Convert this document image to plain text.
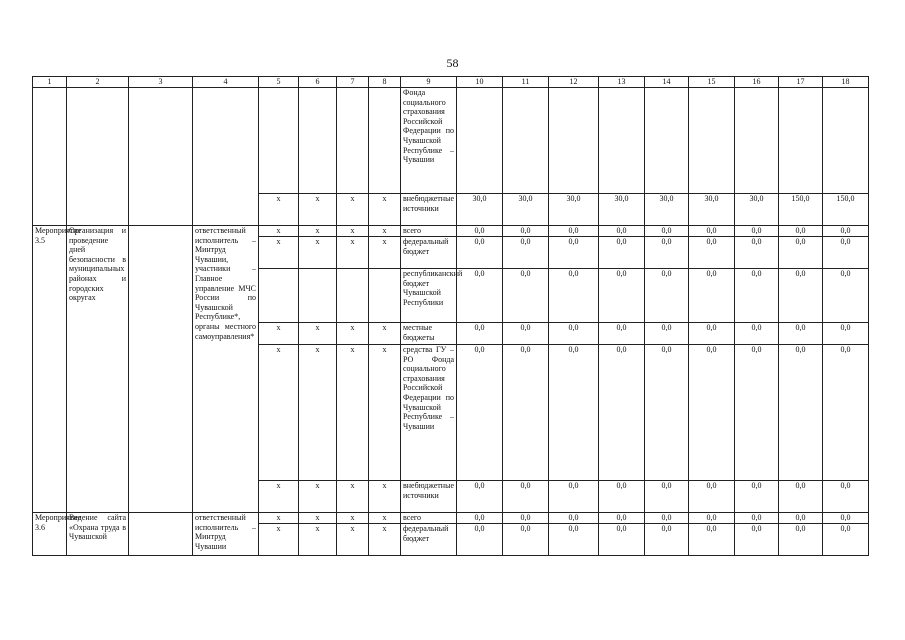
58
1	2	3	4	5	6	7	8	9	10	11	12	13	14	15	16	17	18
								Фонда социального страхования Российской Федерации по Чувашской Республике – Чувашии									
				х	х	х	х	внебюджетные источники	30,0	30,0	30,0	30,0	30,0	30,0	30,0	150,0	150,0
Мероприятие 3.5	Организация и проведение дней безопасности в муниципальных районах и городских округах		ответственный исполнитель – Минтруд Чувашии, участники – Главное управление МЧС России по Чувашской Республике*, органы местного самоуправления*	х	х	х	х	всего	0,0	0,0	0,0	0,0	0,0	0,0	0,0	0,0	0,0
				х	х	х	х	федеральный бюджет	0,0	0,0	0,0	0,0	0,0	0,0	0,0	0,0	0,0
								республиканский бюджет Чувашской Республики	0,0	0,0	0,0	0,0	0,0	0,0	0,0	0,0	0,0
				х	х	х	х	местные бюджеты	0,0	0,0	0,0	0,0	0,0	0,0	0,0	0,0	0,0
				х	х	х	х	средства ГУ – РО Фонда социального страхования Российской Федерации по Чувашской Республике – Чувашии	0,0	0,0	0,0	0,0	0,0	0,0	0,0	0,0	0,0
				х	х	х	х	внебюджетные источники	0,0	0,0	0,0	0,0	0,0	0,0	0,0	0,0	0,0
Мероприятие 3.6	Ведение сайта «Охрана труда в Чувашской		ответственный исполнитель – Минтруд Чувашии	х	х	х	х	всего	0,0	0,0	0,0	0,0	0,0	0,0	0,0	0,0	0,0
				х	х	х	х	федеральный бюджет	0,0	0,0	0,0	0,0	0,0	0,0	0,0	0,0	0,0
